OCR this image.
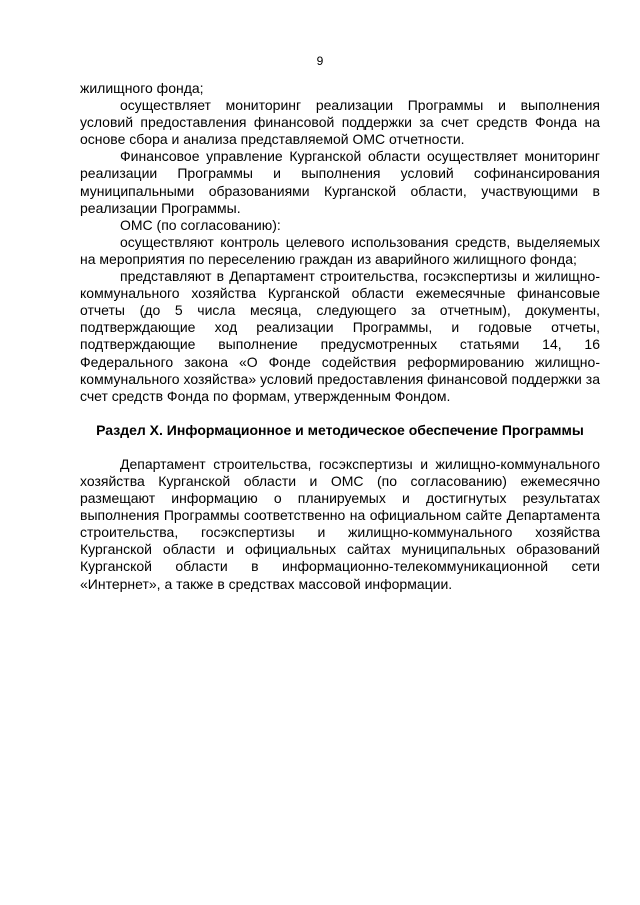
9

жилищного фонда;

осуществляет мониторинг реализации Программы и выполнения условий предоставления финансовой поддержки за счет средств Фонда на основе сбора и анализа представляемой ОМС отчетности.

Финансовое управление Курганской области осуществляет мониторинг реализации Программы и выполнения условий софинансирования муниципальными образованиями Курганской области, участвующими в реализации Программы.

ОМС (по согласованию):

осуществляют контроль целевого использования средств, выделяемых на мероприятия по переселению граждан из аварийного жилищного фонда;

представляют в Департамент строительства, госэкспертизы и жилищно-коммунального хозяйства Курганской области ежемесячные финансовые отчеты (до 5 числа месяца, следующего за отчетным), документы, подтверждающие ход реализации Программы, и годовые отчеты, подтверждающие выполнение предусмотренных статьями 14, 16 Федерального закона «О Фонде содействия реформированию жилищно-коммунального хозяйства» условий предоставления финансовой поддержки за счет средств Фонда по формам, утвержденным Фондом.

Раздел X. Информационное и методическое обеспечение Программы

Департамент строительства, госэкспертизы и жилищно-коммунального хозяйства Курганской области и ОМС (по согласованию) ежемесячно размещают информацию о планируемых и достигнутых результатах выполнения Программы соответственно на официальном сайте Департамента строительства, госэкспертизы и жилищно-коммунального хозяйства Курганской области и официальных сайтах муниципальных образований Курганской области в информационно-телекоммуникационной сети «Интернет», а также в средствах массовой информации.
